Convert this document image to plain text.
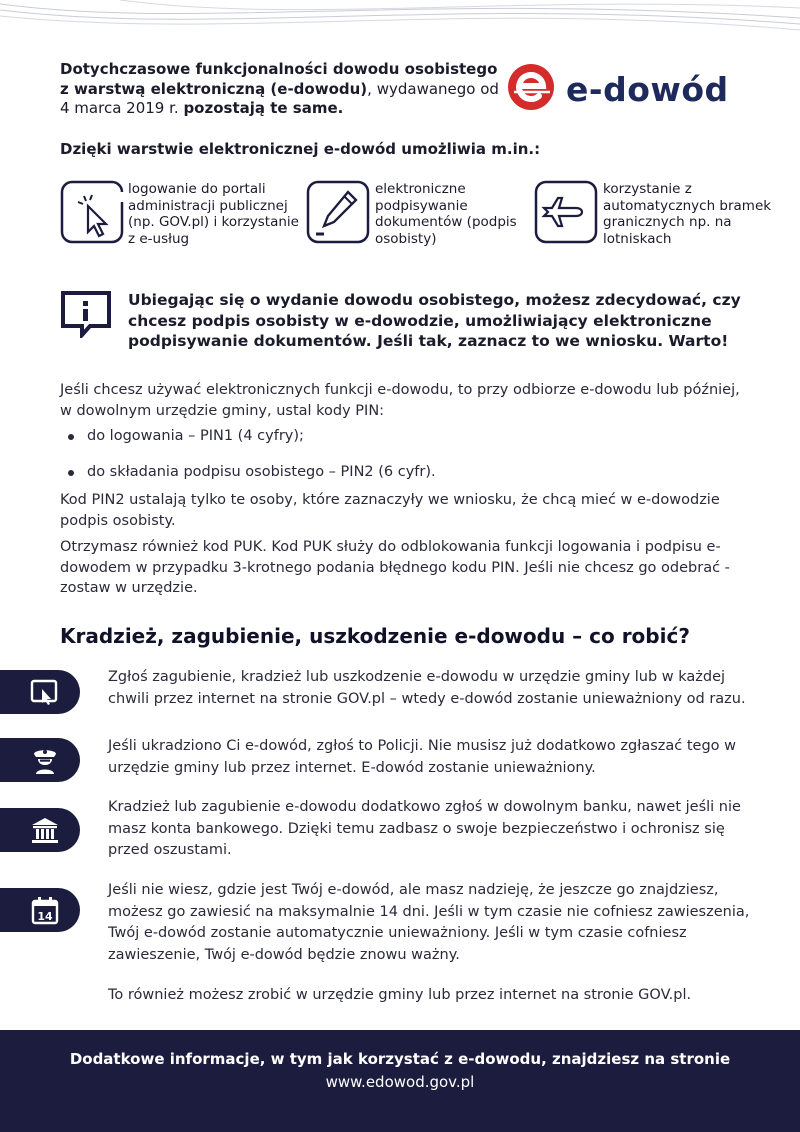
Dotychczasowe funkcjonalności dowodu osobistego z warstwą elektroniczną (e-dowodu), wydawanego od 4 marca 2019 r. pozostają te same.	e-dowód
Dzięki warstwie elektronicznej e-dowód umożliwia m.in.:
logowanie do portali administracji publicznej (np. GOV.pl) i korzystanie z e-usług
elektroniczne podpisywanie dokumentów (podpis osobisty)
korzystanie z automatycznych bramek granicznych np. na lotniskach
Ubiegając się o wydanie dowodu osobistego, możesz zdecydować, czy chcesz podpis osobisty w e-dowodzie, umożliwiający elektroniczne podpisywanie dokumentów. Jeśli tak, zaznacz to we wniosku. Warto!
Jeśli chcesz używać elektronicznych funkcji e-dowodu, to przy odbiorze e-dowodu lub później, w dowolnym urzędzie gminy, ustal kody PIN:
do logowania – PIN1 (4 cyfry);
do składania podpisu osobistego – PIN2 (6 cyfr).
Kod PIN2 ustalają tylko te osoby, które zaznaczyły we wniosku, że chcą mieć w e-dowodzie podpis osobisty.
Otrzymasz również kod PUK. Kod PUK służy do odblokowania funkcji logowania i podpisu e-dowodem w przypadku 3-krotnego podania błędnego kodu PIN. Jeśli nie chcesz go odebrać - zostaw w urzędzie.
Kradzież, zagubienie, uszkodzenie e-dowodu – co robić?
Zgłoś zagubienie, kradzież lub uszkodzenie e-dowodu w urzędzie gminy lub w każdej chwili przez internet na stronie GOV.pl – wtedy e-dowód zostanie unieważniony od razu.
Jeśli ukradziono Ci e-dowód, zgłoś to Policji. Nie musisz już dodatkowo zgłaszać tego w urzędzie gminy lub przez internet. E-dowód zostanie unieważniony.
Kradzież lub zagubienie e-dowodu dodatkowo zgłoś w dowolnym banku, nawet jeśli nie masz konta bankowego. Dzięki temu zadbasz o swoje bezpieczeństwo i ochronisz się przed oszustami.
14
Jeśli nie wiesz, gdzie jest Twój e-dowód, ale masz nadzieję, że jeszcze go znajdziesz, możesz go zawiesić na maksymalnie 14 dni. Jeśli w tym czasie nie cofniesz zawieszenia, Twój e-dowód zostanie automatycznie unieważniony. Jeśli w tym czasie cofniesz zawieszenie, Twój e-dowód będzie znowu ważny.
To również możesz zrobić w urzędzie gminy lub przez internet na stronie GOV.pl.
Dodatkowe informacje, w tym jak korzystać z e-dowodu, znajdziesz na stronie
www.edowod.gov.pl
